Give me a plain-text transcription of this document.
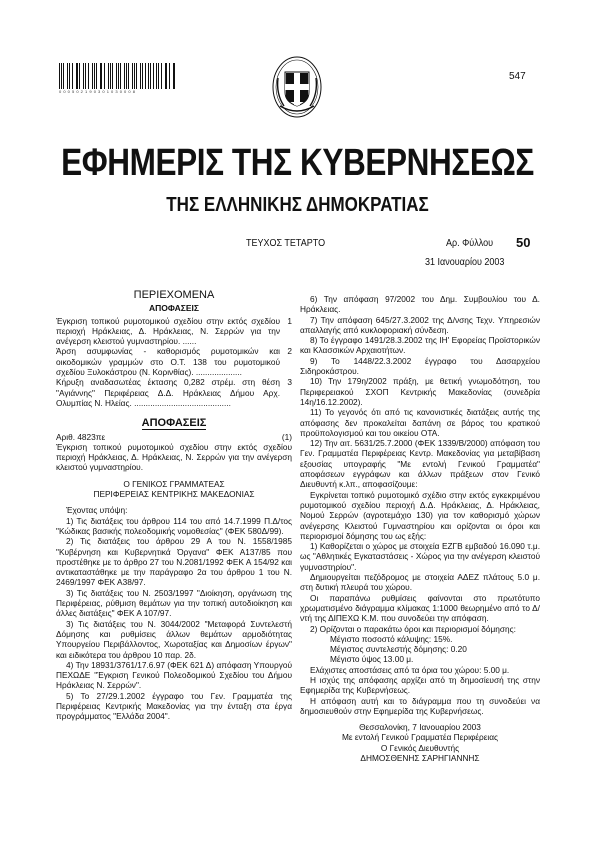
0 0 0 5 0 2 1 9 0 3 0 1 0 3 0 0 0 8
547
ΕΦΗΜΕΡΙΣ ΤΗΣ ΚΥΒΕΡΝΗΣΕΩΣ
ΤΗΣ ΕΛΛΗΝΙΚΗΣ ΔΗΜΟΚΡΑΤΙΑΣ
ΤΕΥΧΟΣ ΤΕΤΑΡΤΟ	Αρ. Φύλλου 50
31 Ιανουαρίου 2003
ΠΕΡΙΕΧΟΜΕΝΑ
ΑΠΟΦΑΣΕΙΣ
Έγκριση τοπικού ρυμοτομικού σχεδίου στην εκτός σχεδίου περιοχή Ηράκλειας, Δ. Ηράκλειας, Ν. Σερρών για την ανέγερση κλειστού γυμναστηρίου. ......
1
Άρση ασυμφωνίας - καθορισμός ρυμοτομικών και οικοδομικών γραμμών στο Ο.Τ. 138 του ρυμοτομικού σχεδίου Ξυλοκάστρου (Ν. Κορινθίας). ....................
2
Κήρυξη αναδασωτέας έκτασης 0,282 στρέμ. στη θέση "Αγιάννης" Περιφέρειας Δ.Δ. Ηράκλειας Δήμου Αρχ. Ολυμπίας Ν. Ηλείας. ..........................................
3
ΑΠΟΦΑΣΕΙΣ
Αριθ. 4823πε	(1)
Έγκριση τοπικού ρυμοτομικού σχεδίου στην εκτός σχεδίου περιοχή Ηράκλειας, Δ. Ηράκλειας, Ν. Σερρών για την ανέγερση κλειστού γυμναστηρίου.
Ο ΓΕΝΙΚΟΣ ΓΡΑΜΜΑΤΕΑΣ
ΠΕΡΙΦΕΡΕΙΑΣ ΚΕΝΤΡΙΚΗΣ ΜΑΚΕΔΟΝΙΑΣ
Έχοντας υπόψη:
1) Τις διατάξεις του άρθρου 114 του από 14.7.1999 Π.Δ/τος "Κώδικας βασικής πολεοδομικής νομοθεσίας" (ΦΕΚ 580Δ/99).
2) Τις διατάξεις του άρθρου 29 Α του Ν. 1558/1985 "Κυβέρνηση και Κυβερνητικά Όργανα" ΦΕΚ Α137/85 που προστέθηκε με το άρθρο 27 του Ν.2081/1992 ΦΕΚ Α 154/92 και αντικαταστάθηκε με την παράγραφο 2α του άρθρου 1 του Ν. 2469/1997 ΦΕΚ Α38/97.
3) Τις διατάξεις του Ν. 2503/1997 "Διοίκηση, οργάνωση της Περιφέρειας, ρύθμιση θεμάτων για την τοπική αυτοδιοίκηση και άλλες διατάξεις" ΦΕΚ Α 107/97.
3) Τις διατάξεις του Ν. 3044/2002 "Μεταφορά Συντελεστή Δόμησης και ρυθμίσεις άλλων θεμάτων αρμοδιότητας Υπουργείου Περιβάλλοντος, Χωροταξίας και Δημοσίων έργων" και ειδικότερα του άρθρου 10 παρ. 2δ.
4) Την 18931/3761/17.6.97 (ΦΕΚ 621 Δ) απόφαση Υπουργού ΠΕΧΩΔΕ "Έγκριση Γενικού Πολεοδομικού Σχεδίου του Δήμου Ηράκλειας Ν. Σερρών".
5) Το 27/29.1.2002 έγγραφο του Γεν. Γραμματέα της Περιφέρειας Κεντρικής Μακεδονίας για την ένταξη στα έργα προγράμματος "Ελλάδα 2004".
6) Την απόφαση 97/2002 του Δημ. Συμβουλίου του Δ. Ηράκλειας.
7) Την απόφαση 645/27.3.2002 της Δ/νσης Τεχν. Υπηρεσιών απαλλαγής από κυκλοφοριακή σύνδεση.
8) Το έγγραφο 1491/28.3.2002 της ΙΗ' Εφορείας Προϊστορικών και Κλασσικών Αρχαιοτήτων.
9) Το 1448/22.3.2002 έγγραφο του Δασαρχείου Σιδηροκάστρου.
10) Την 179η/2002 πράξη, με θετική γνωμοδότηση, του Περιφερειακού ΣΧΟΠ Κεντρικής Μακεδονίας (συνεδρία 14η/16.12.2002).
11) Το γεγονός ότι από τις κανονιστικές διατάξεις αυτής της απόφασης δεν προκαλείται δαπάνη σε βάρος του κρατικού προϋπολογισμού και του οικείου ΟΤΑ.
12) Την αιτ. 5631/25.7.2000 (ΦΕΚ 1339/Β/2000) απόφαση του Γεν. Γραμματέα Περιφέρειας Κεντρ. Μακεδονίας για μεταβίβαση εξουσίας υπογραφής "Με εντολή Γενικού Γραμματέα" αποφάσεων εγγράφων και άλλων πράξεων στον Γενικό Διευθυντή κ.λπ., αποφασίζουμε:
Εγκρίνεται τοπικό ρυμοτομικό σχέδιο στην εκτός εγκεκριμένου ρυμοτομικού σχεδίου περιοχή Δ.Δ. Ηράκλειας, Δ. Ηράκλειας, Νομού Σερρών (αγροτεμάχιο 130) για τον καθορισμό χώρων ανέγερσης Κλειστού Γυμναστηρίου και ορίζονται οι όροι και περιορισμοί δόμησης του ως εξής:
1) Καθορίζεται ο χώρος με στοιχεία ΕΖΓΒ εμβαδού 16.090 τ.μ. ως "Αθλητικές Εγκαταστάσεις - Χώρος για την ανέγερση κλειστού γυμναστηρίου".
Δημιουργείται πεζόδρομος με στοιχεία ΑΔΕΖ πλάτους 5.0 μ. στη δυτική πλευρά του χώρου.
Οι παραπάνω ρυθμίσεις φαίνονται στο πρωτότυπο χρωματισμένο διάγραμμα κλίμακας 1:1000 θεωρημένο από το Δ/ντή της ΔΙΠΕΧΩ Κ.Μ. που συνοδεύει την απόφαση.
2) Ορίζονται ο παρακάτω όροι και περιορισμοί δόμησης:
Μέγιστο ποσοστό κάλυψης: 15%.
Μέγιστος συντελεστής δόμησης: 0.20
Μέγιστο ύψος 13.00 μ.
Ελάχιστες αποστάσεις από τα όρια του χώρου: 5.00 μ.
Η ισχύς της απόφασης αρχίζει από τη δημοσίευσή της στην Εφημερίδα της Κυβερνήσεως.
Η απόφαση αυτή και το διάγραμμα που τη συνοδεύει να δημοσιευθούν στην Εφημερίδα της Κυβερνήσεως.
Θεσσαλονίκη, 7 Ιανουαρίου 2003
Με εντολή Γενικού Γραμματέα Περιφέρειας
Ο Γενικός Διευθυντής
ΔΗΜΟΣΘΕΝΗΣ ΣΑΡΗΓΙΑΝΝΗΣ
